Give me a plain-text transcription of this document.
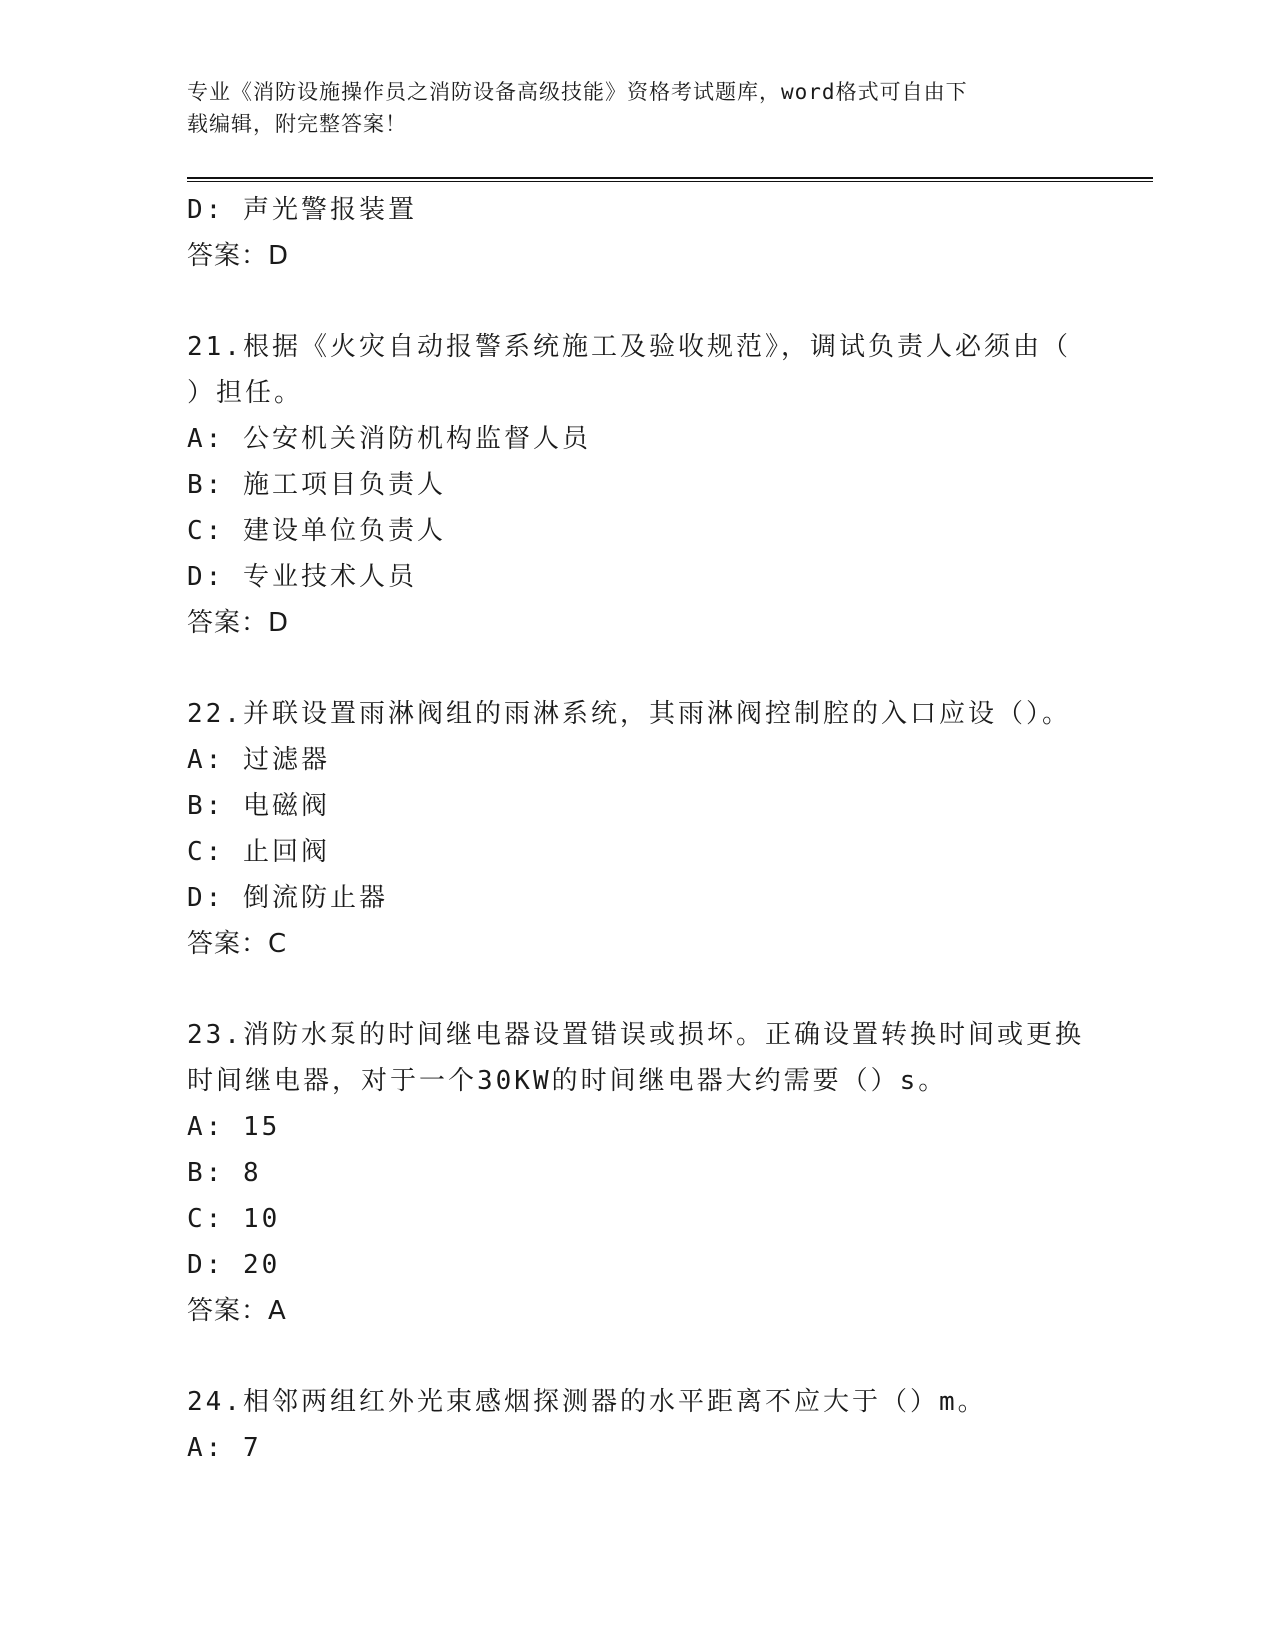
专业《消防设施操作员之消防设备高级技能》资格考试题库，word格式可自由下
载编辑，附完整答案！
D: 声光警报装置
答案：D
21.根据《火灾自动报警系统施工及验收规范》，调试负责人必须由（
）担任。
A: 公安机关消防机构监督人员
B: 施工项目负责人
C: 建设单位负责人
D: 专业技术人员
答案：D
22.并联设置雨淋阀组的雨淋系统，其雨淋阀控制腔的入口应设（）。
A: 过滤器
B: 电磁阀
C: 止回阀
D: 倒流防止器
答案：C
23.消防水泵的时间继电器设置错误或损坏。正确设置转换时间或更换
时间继电器，对于一个30KW的时间继电器大约需要（）s。
A: 15
B: 8
C: 10
D: 20
答案：A
24.相邻两组红外光束感烟探测器的水平距离不应大于（）m。
A: 7
